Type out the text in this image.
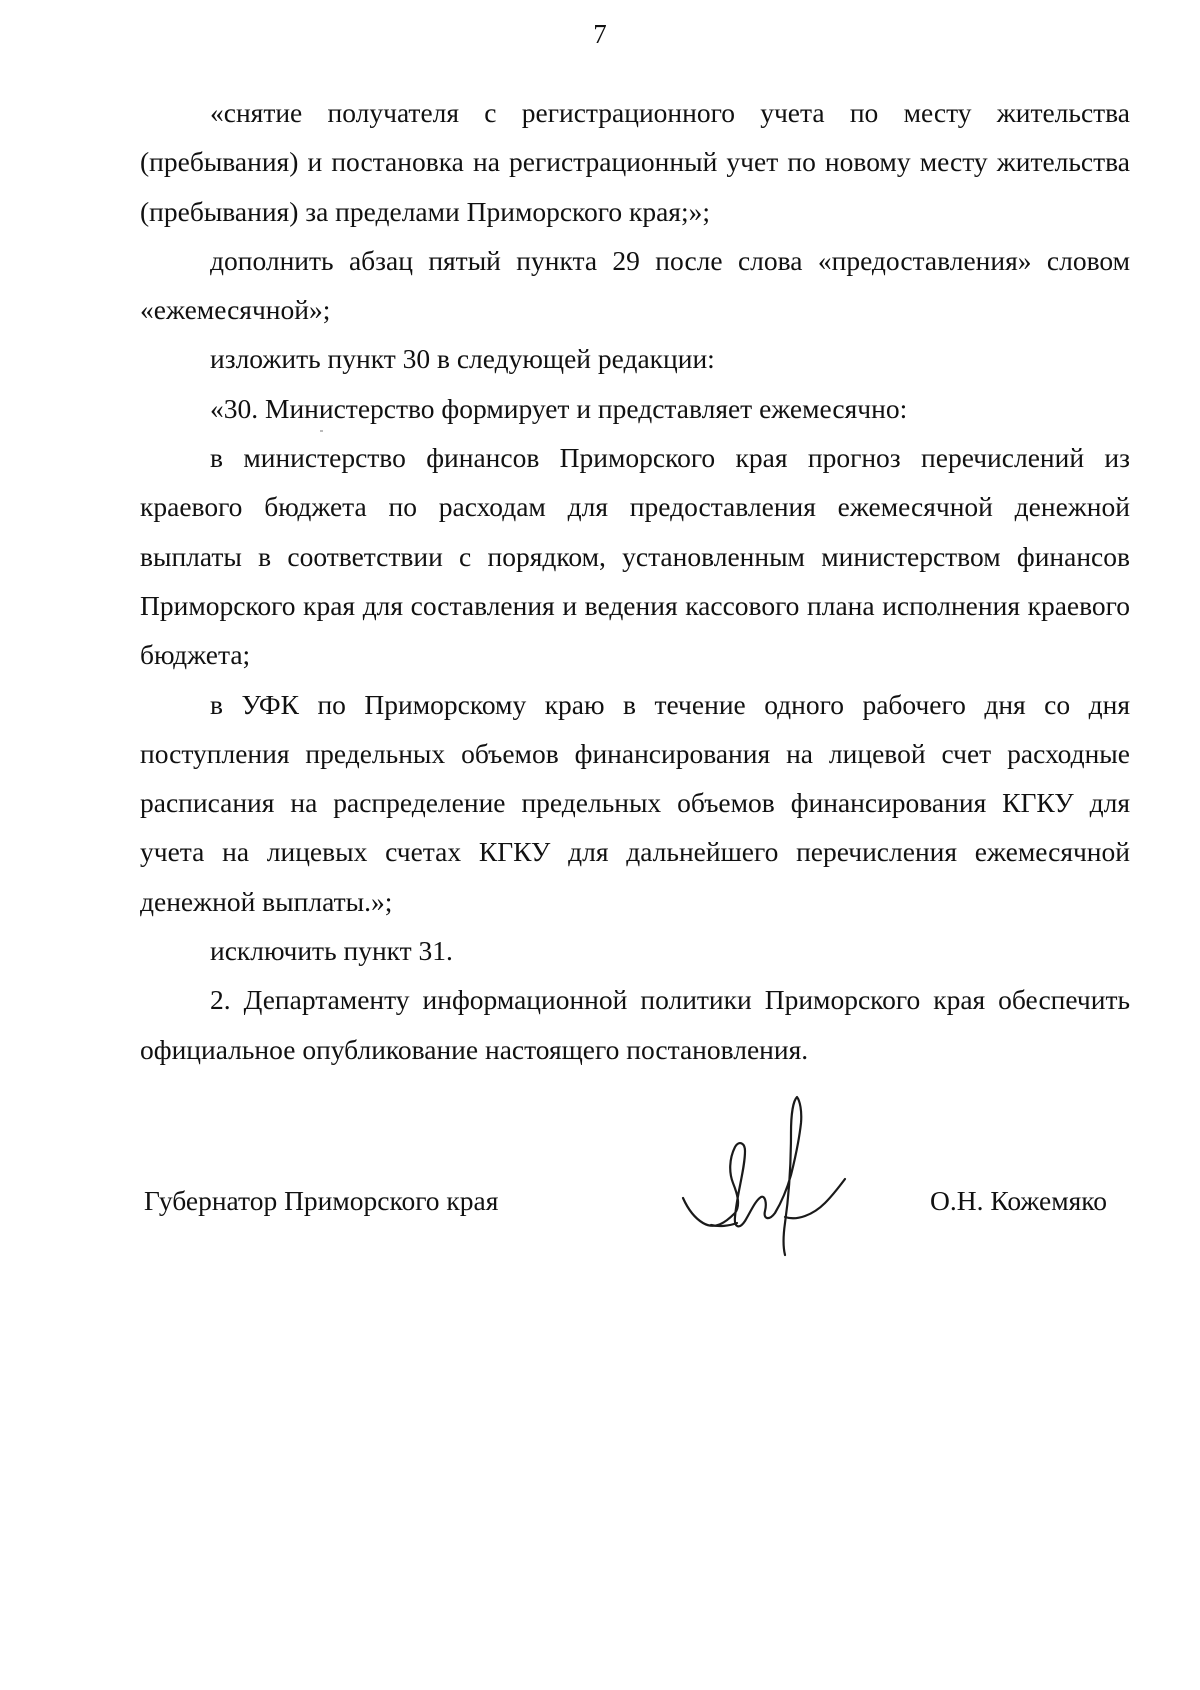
7

«снятие получателя с регистрационного учета по месту жительства (пребывания) и постановка на регистрационный учет по новому месту жительства (пребывания) за пределами Приморского края;»;

дополнить абзац пятый пункта 29 после слова «предоставления» словом «ежемесячной»;

изложить пункт 30 в следующей редакции:

«30. Министерство формирует и представляет ежемесячно:

в министерство финансов Приморского края прогноз перечислений из краевого бюджета по расходам для предоставления ежемесячной денежной выплаты в соответствии с порядком, установленным министерством финансов Приморского края для составления и ведения кассового плана исполнения краевого бюджета;

в УФК по Приморскому краю в течение одного рабочего дня со дня поступления предельных объемов финансирования на лицевой счет расходные расписания на распределение предельных объемов финансирования КГКУ для учета на лицевых счетах КГКУ для дальнейшего перечисления ежемесячной денежной выплаты.»;

исключить пункт 31.

2. Департаменту информационной политики Приморского края обеспечить официальное опубликование настоящего постановления.

Губернатор Приморского края	О.Н. Кожемяко
